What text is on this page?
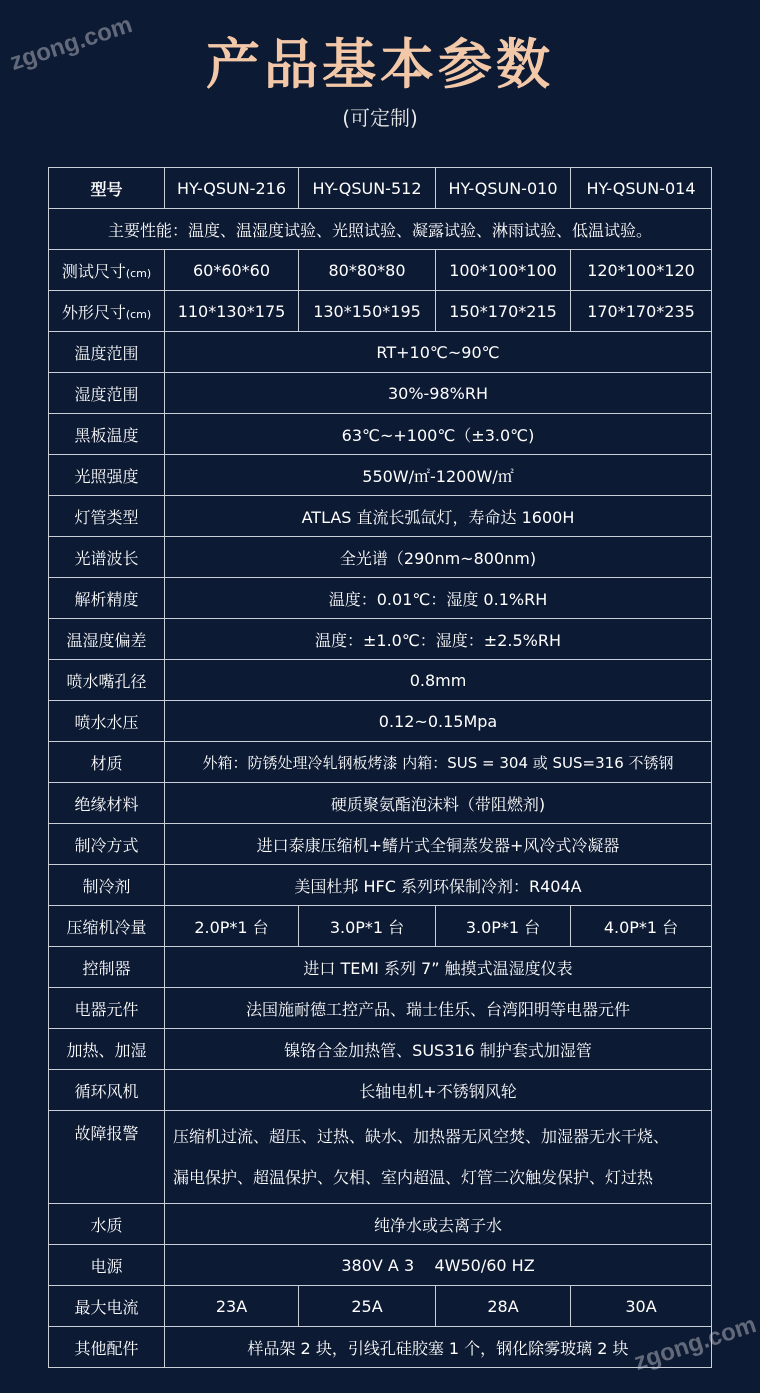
zgong.com
zgong.com
产品基本参数
(可定制)
型号	HY-QSUN-216	HY-QSUN-512	HY-QSUN-010	HY-QSUN-014
主要性能：温度、温湿度试验、光照试验、凝露试验、淋雨试验、低温试验。				
测试尺寸(cm)	60*60*60	80*80*80	100*100*100	120*100*120
外形尺寸(cm)	110*130*175	130*150*195	150*170*215	170*170*235
温度范围	RT+10℃~90℃			
湿度范围	30%-98%RH			
黑板温度	63℃~+100℃（±3.0℃)			
光照强度	550W/㎡-1200W/㎡			
灯管类型	ATLAS 直流长弧氙灯，寿命达 1600H			
光谱波长	全光谱（290nm~800nm)			
解析精度	温度：0.01℃：湿度 0.1%RH			
温湿度偏差	温度：±1.0℃：湿度：±2.5%RH			
喷水嘴孔径	0.8mm			
喷水水压	0.12~0.15Mpa			
材质	外箱：防锈处理冷轧钢板烤漆 内箱：SUS = 304 或 SUS=316 不锈钢			
绝缘材料	硬质聚氨酯泡沫料（带阻燃剂)			
制冷方式	进口泰康压缩机+鳍片式全铜蒸发器+风冷式冷凝器			
制冷剂	美国杜邦 HFC 系列环保制冷剂：R404A			
压缩机冷量	2.0P*1 台	3.0P*1 台	3.0P*1 台	4.0P*1 台
控制器	进口 TEMI 系列 7” 触摸式温湿度仪表			
电器元件	法国施耐德工控产品、瑞士佳乐、台湾阳明等电器元件			
加热、加湿	镍铬合金加热管、SUS316 制护套式加湿管			
循环风机	长轴电机+不锈钢风轮			
故障报警	压缩机过流、超压、过热、缺水、加热器无风空焚、加湿器无水干烧、
漏电保护、超温保护、欠相、室内超温、灯管二次触发保护、灯过热			

水质	纯净水或去离子水			
电源	380V A 3    4W50/60 HZ			
最大电流	23A	25A	28A	30A
其他配件	样品架 2 块，引线孔硅胶塞 1 个，钢化除雾玻璃 2 块			
